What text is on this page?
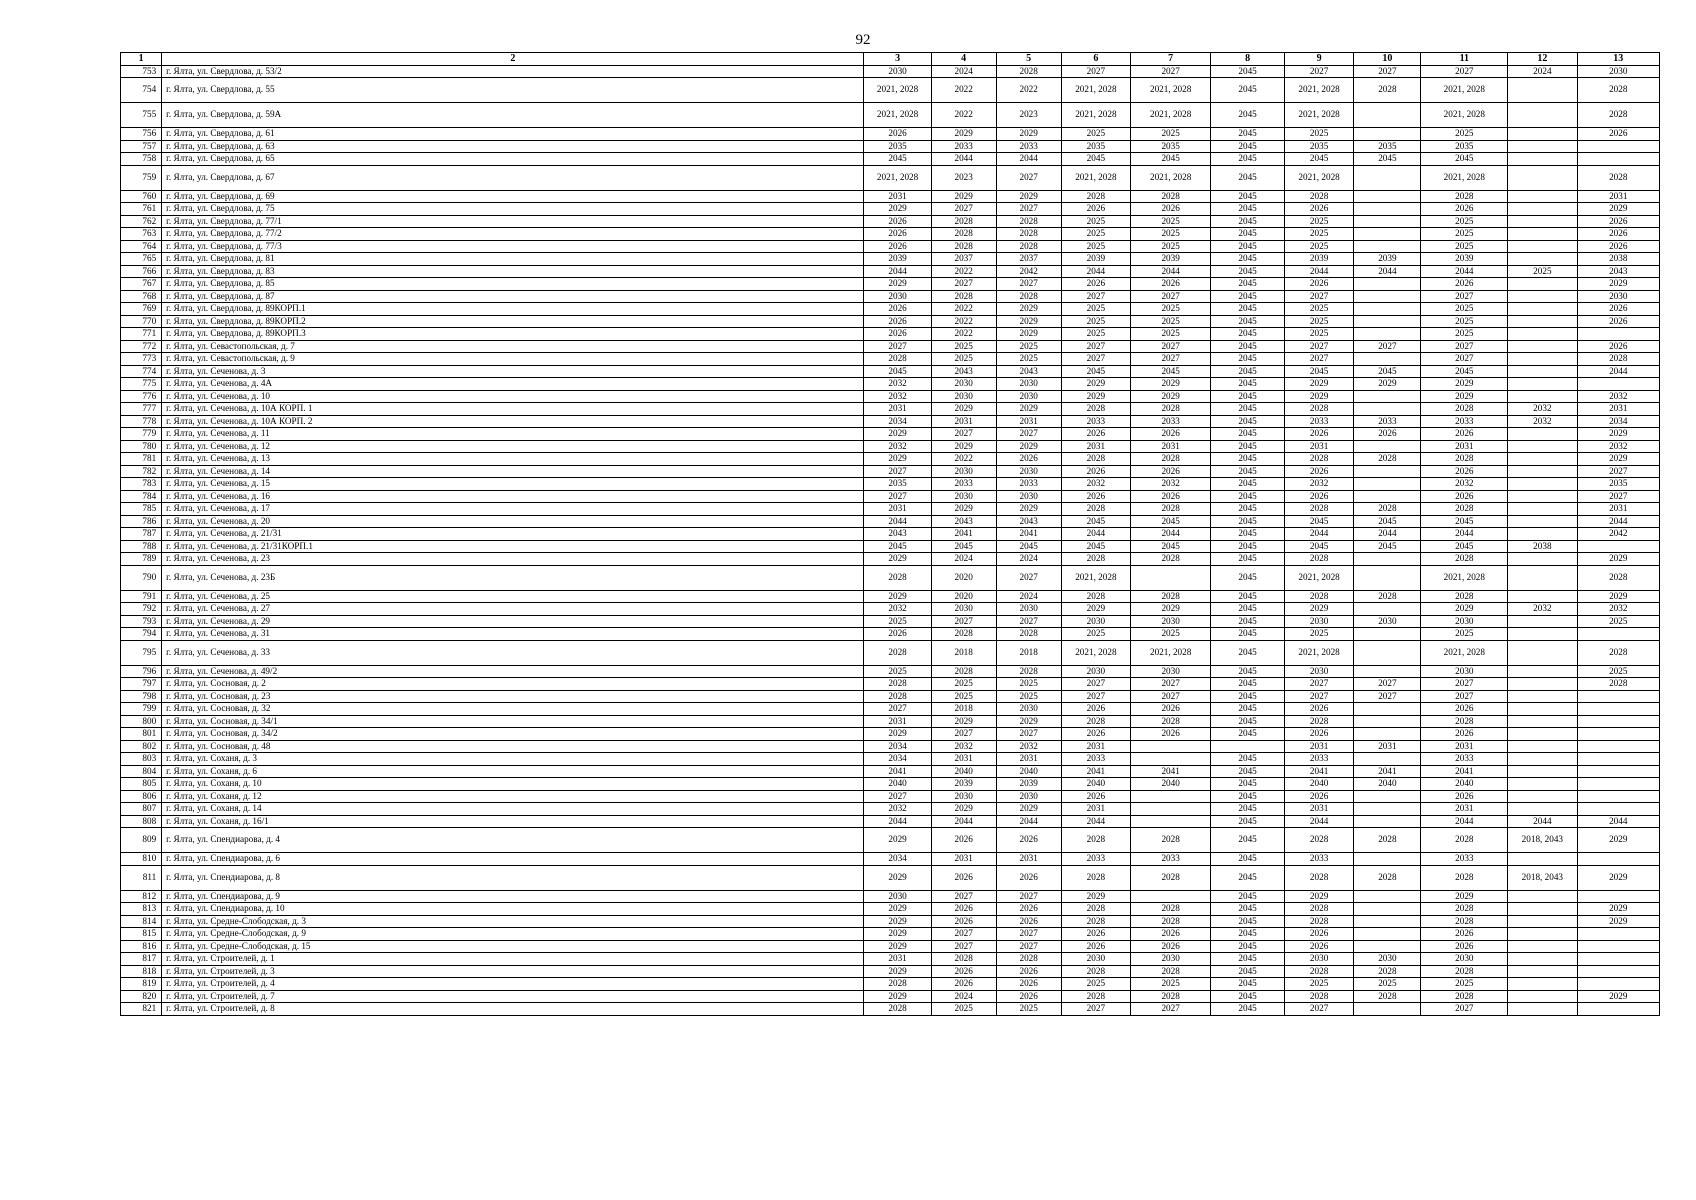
92
1	2	3	4	5	6	7	8	9	10	11	12	13
753	г. Ялта, ул. Свердлова, д. 53/2	2030	2024	2028	2027	2027	2045	2027	2027	2027	2024	2030
754	г. Ялта, ул. Свердлова, д. 55	2021, 2028	2022	2022	2021, 2028	2021, 2028	2045	2021, 2028	2028	2021, 2028		2028
755	г. Ялта, ул. Свердлова, д. 59А	2021, 2028	2022	2023	2021, 2028	2021, 2028	2045	2021, 2028		2021, 2028		2028
756	г. Ялта, ул. Свердлова, д. 61	2026	2029	2029	2025	2025	2045	2025		2025		2026
757	г. Ялта, ул. Свердлова, д. 63	2035	2033	2033	2035	2035	2045	2035	2035	2035		
758	г. Ялта, ул. Свердлова, д. 65	2045	2044	2044	2045	2045	2045	2045	2045	2045		
759	г. Ялта, ул. Свердлова, д. 67	2021, 2028	2023	2027	2021, 2028	2021, 2028	2045	2021, 2028		2021, 2028		2028
760	г. Ялта, ул. Свердлова, д. 69	2031	2029	2029	2028	2028	2045	2028		2028		2031
761	г. Ялта, ул. Свердлова, д. 75	2029	2027	2027	2026	2026	2045	2026		2026		2029
762	г. Ялта, ул. Свердлова, д. 77/1	2026	2028	2028	2025	2025	2045	2025		2025		2026
763	г. Ялта, ул. Свердлова, д. 77/2	2026	2028	2028	2025	2025	2045	2025		2025		2026
764	г. Ялта, ул. Свердлова, д. 77/3	2026	2028	2028	2025	2025	2045	2025		2025		2026
765	г. Ялта, ул. Свердлова, д. 81	2039	2037	2037	2039	2039	2045	2039	2039	2039		2038
766	г. Ялта, ул. Свердлова, д. 83	2044	2022	2042	2044	2044	2045	2044	2044	2044	2025	2043
767	г. Ялта, ул. Свердлова, д. 85	2029	2027	2027	2026	2026	2045	2026		2026		2029
768	г. Ялта, ул. Свердлова, д. 87	2030	2028	2028	2027	2027	2045	2027		2027		2030
769	г. Ялта, ул. Свердлова, д. 89КОРП.1	2026	2022	2029	2025	2025	2045	2025		2025		2026
770	г. Ялта, ул. Свердлова, д. 89КОРП.2	2026	2022	2029	2025	2025	2045	2025		2025		2026
771	г. Ялта, ул. Свердлова, д. 89КОРП.3	2026	2022	2029	2025	2025	2045	2025		2025		
772	г. Ялта, ул. Севастопольская, д. 7	2027	2025	2025	2027	2027	2045	2027	2027	2027		2026
773	г. Ялта, ул. Севастопольская, д. 9	2028	2025	2025	2027	2027	2045	2027		2027		2028
774	г. Ялта, ул. Сеченова, д. 3	2045	2043	2043	2045	2045	2045	2045	2045	2045		2044
775	г. Ялта, ул. Сеченова, д. 4А	2032	2030	2030	2029	2029	2045	2029	2029	2029		
776	г. Ялта, ул. Сеченова, д. 10	2032	2030	2030	2029	2029	2045	2029		2029		2032
777	г. Ялта, ул. Сеченова, д. 10А КОРП. 1	2031	2029	2029	2028	2028	2045	2028		2028	2032	2031
778	г. Ялта, ул. Сеченова, д. 10А КОРП. 2	2034	2031	2031	2033	2033	2045	2033	2033	2033	2032	2034
779	г. Ялта, ул. Сеченова, д. 11	2029	2027	2027	2026	2026	2045	2026	2026	2026		2029
780	г. Ялта, ул. Сеченова, д. 12	2032	2029	2029	2031	2031	2045	2031		2031		2032
781	г. Ялта, ул. Сеченова, д. 13	2029	2022	2026	2028	2028	2045	2028	2028	2028		2029
782	г. Ялта, ул. Сеченова, д. 14	2027	2030	2030	2026	2026	2045	2026		2026		2027
783	г. Ялта, ул. Сеченова, д. 15	2035	2033	2033	2032	2032	2045	2032		2032		2035
784	г. Ялта, ул. Сеченова, д. 16	2027	2030	2030	2026	2026	2045	2026		2026		2027
785	г. Ялта, ул. Сеченова, д. 17	2031	2029	2029	2028	2028	2045	2028	2028	2028		2031
786	г. Ялта, ул. Сеченова, д. 20	2044	2043	2043	2045	2045	2045	2045	2045	2045		2044
787	г. Ялта, ул. Сеченова, д. 21/31	2043	2041	2041	2044	2044	2045	2044	2044	2044		2042
788	г. Ялта, ул. Сеченова, д. 21/31КОРП.1	2045	2045	2045	2045	2045	2045	2045	2045	2045	2038	
789	г. Ялта, ул. Сеченова, д. 23	2029	2024	2024	2028	2028	2045	2028		2028		2029
790	г. Ялта, ул. Сеченова, д. 23Б	2028	2020	2027	2021, 2028		2045	2021, 2028		2021, 2028		2028
791	г. Ялта, ул. Сеченова, д. 25	2029	2020	2024	2028	2028	2045	2028	2028	2028		2029
792	г. Ялта, ул. Сеченова, д. 27	2032	2030	2030	2029	2029	2045	2029		2029	2032	2032
793	г. Ялта, ул. Сеченова, д. 29	2025	2027	2027	2030	2030	2045	2030	2030	2030		2025
794	г. Ялта, ул. Сеченова, д. 31	2026	2028	2028	2025	2025	2045	2025		2025		
795	г. Ялта, ул. Сеченова, д. 33	2028	2018	2018	2021, 2028	2021, 2028	2045	2021, 2028		2021, 2028		2028
796	г. Ялта, ул. Сеченова, д. 49/2	2025	2028	2028	2030	2030	2045	2030		2030		2025
797	г. Ялта, ул. Сосновая, д. 2	2028	2025	2025	2027	2027	2045	2027	2027	2027		2028
798	г. Ялта, ул. Сосновая, д. 23	2028	2025	2025	2027	2027	2045	2027	2027	2027		
799	г. Ялта, ул. Сосновая, д. 32	2027	2018	2030	2026	2026	2045	2026		2026		
800	г. Ялта, ул. Сосновая, д. 34/1	2031	2029	2029	2028	2028	2045	2028		2028		
801	г. Ялта, ул. Сосновая, д. 34/2	2029	2027	2027	2026	2026	2045	2026		2026		
802	г. Ялта, ул. Сосновая, д. 48	2034	2032	2032	2031			2031	2031	2031		
803	г. Ялта, ул. Соханя, д. 3	2034	2031	2031	2033		2045	2033		2033		
804	г. Ялта, ул. Соханя, д. 6	2041	2040	2040	2041	2041	2045	2041	2041	2041		
805	г. Ялта, ул. Соханя, д. 10	2040	2039	2039	2040	2040	2045	2040	2040	2040		
806	г. Ялта, ул. Соханя, д. 12	2027	2030	2030	2026		2045	2026		2026		
807	г. Ялта, ул. Соханя, д. 14	2032	2029	2029	2031		2045	2031		2031		
808	г. Ялта, ул. Соханя, д. 16/1	2044	2044	2044	2044		2045	2044		2044	2044	2044
809	г. Ялта, ул. Спендиарова, д. 4	2029	2026	2026	2028	2028	2045	2028	2028	2028	2018, 2043	2029
810	г. Ялта, ул. Спендиарова, д. 6	2034	2031	2031	2033	2033	2045	2033		2033		
811	г. Ялта, ул. Спендиарова, д. 8	2029	2026	2026	2028	2028	2045	2028	2028	2028	2018, 2043	2029
812	г. Ялта, ул. Спендиарова, д. 9	2030	2027	2027	2029		2045	2029		2029		
813	г. Ялта, ул. Спендиарова, д. 10	2029	2026	2026	2028	2028	2045	2028		2028		2029
814	г. Ялта, ул. Средне-Слободская, д. 3	2029	2026	2026	2028	2028	2045	2028		2028		2029
815	г. Ялта, ул. Средне-Слободская, д. 9	2029	2027	2027	2026	2026	2045	2026		2026		
816	г. Ялта, ул. Средне-Слободская, д. 15	2029	2027	2027	2026	2026	2045	2026		2026		
817	г. Ялта, ул. Строителей, д. 1	2031	2028	2028	2030	2030	2045	2030	2030	2030		
818	г. Ялта, ул. Строителей, д. 3	2029	2026	2026	2028	2028	2045	2028	2028	2028		
819	г. Ялта, ул. Строителей, д. 4	2028	2026	2026	2025	2025	2045	2025	2025	2025		
820	г. Ялта, ул. Строителей, д. 7	2029	2024	2026	2028	2028	2045	2028	2028	2028		2029
821	г. Ялта, ул. Строителей, д. 8	2028	2025	2025	2027	2027	2045	2027		2027		
